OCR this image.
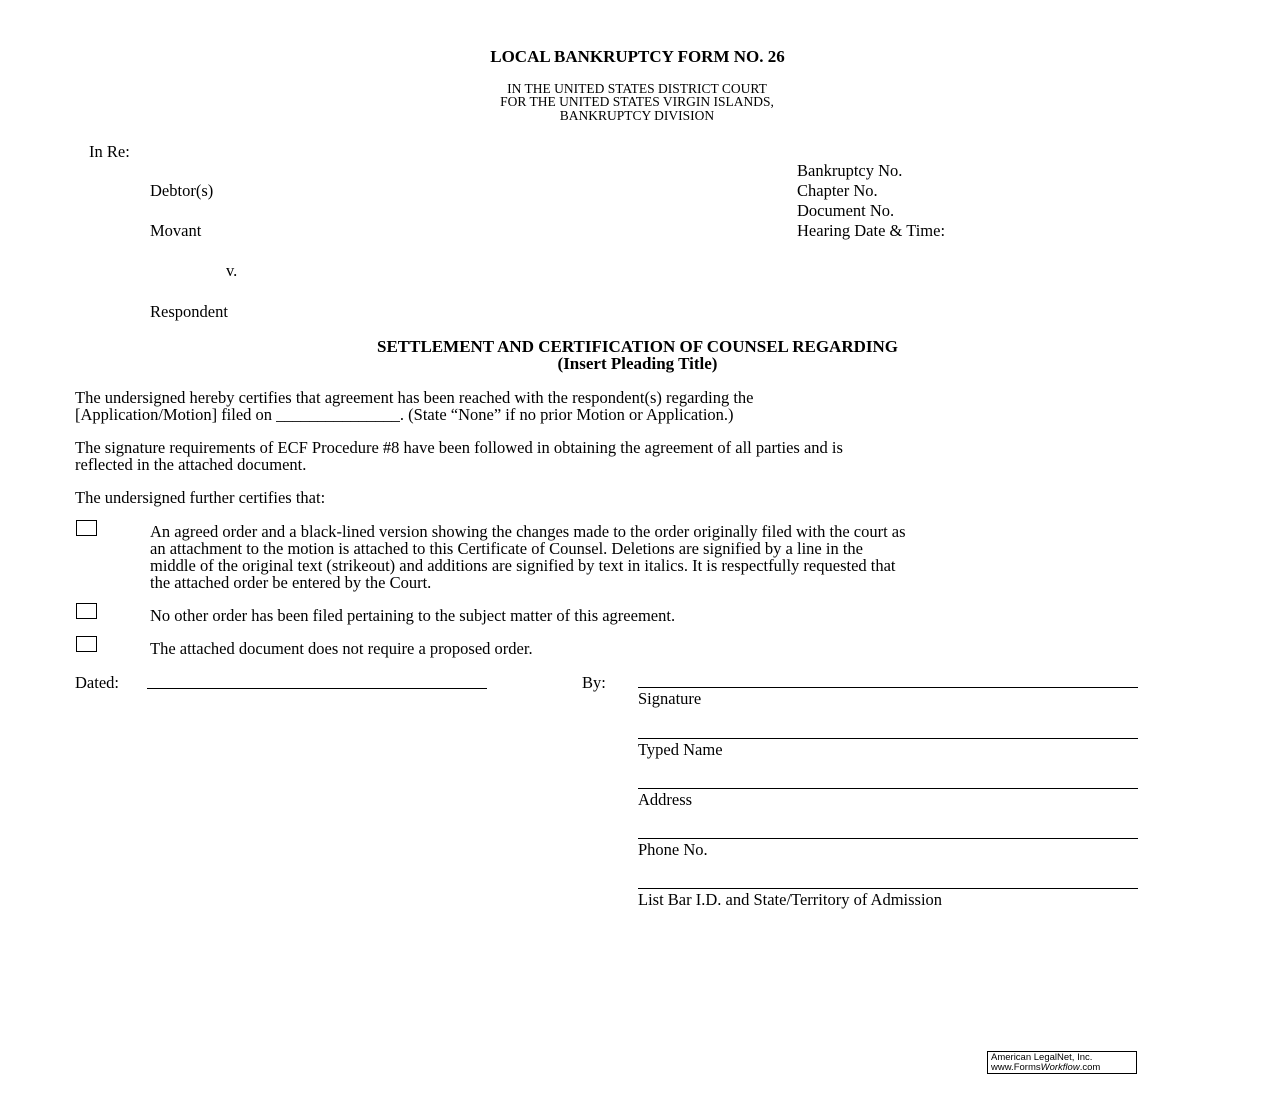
LOCAL BANKRUPTCY FORM NO. 26
IN THE UNITED STATES DISTRICT COURT
FOR THE UNITED STATES VIRGIN ISLANDS,
BANKRUPTCY DIVISION
In Re:
Debtor(s)
Movant
v.
Respondent
Bankruptcy No.
Chapter No.
Document No.
Hearing Date & Time:
SETTLEMENT AND CERTIFICATION OF COUNSEL REGARDING
(Insert Pleading Title)
The undersigned hereby certifies that agreement has been reached with the respondent(s) regarding the
[Application/Motion] filed on _______________. (State “None” if no prior Motion or Application.)
The signature requirements of ECF Procedure #8 have been followed in obtaining the agreement of all parties and is
reflected in the attached document.
The undersigned further certifies that:
An agreed order and a black-lined version showing the changes made to the order originally filed with the court as
an attachment to the motion is attached to this Certificate of Counsel. Deletions are signified by a line in the
middle of the original text (strikeout) and additions are signified by text in italics. It is respectfully requested that
the attached order be entered by the Court.
No other order has been filed pertaining to the subject matter of this agreement.
The attached document does not require a proposed order.
Dated:	By:
Signature
Typed Name
Address
Phone No.
List Bar I.D. and State/Territory of Admission
American LegalNet, Inc.
www.FormsWorkflow.com
